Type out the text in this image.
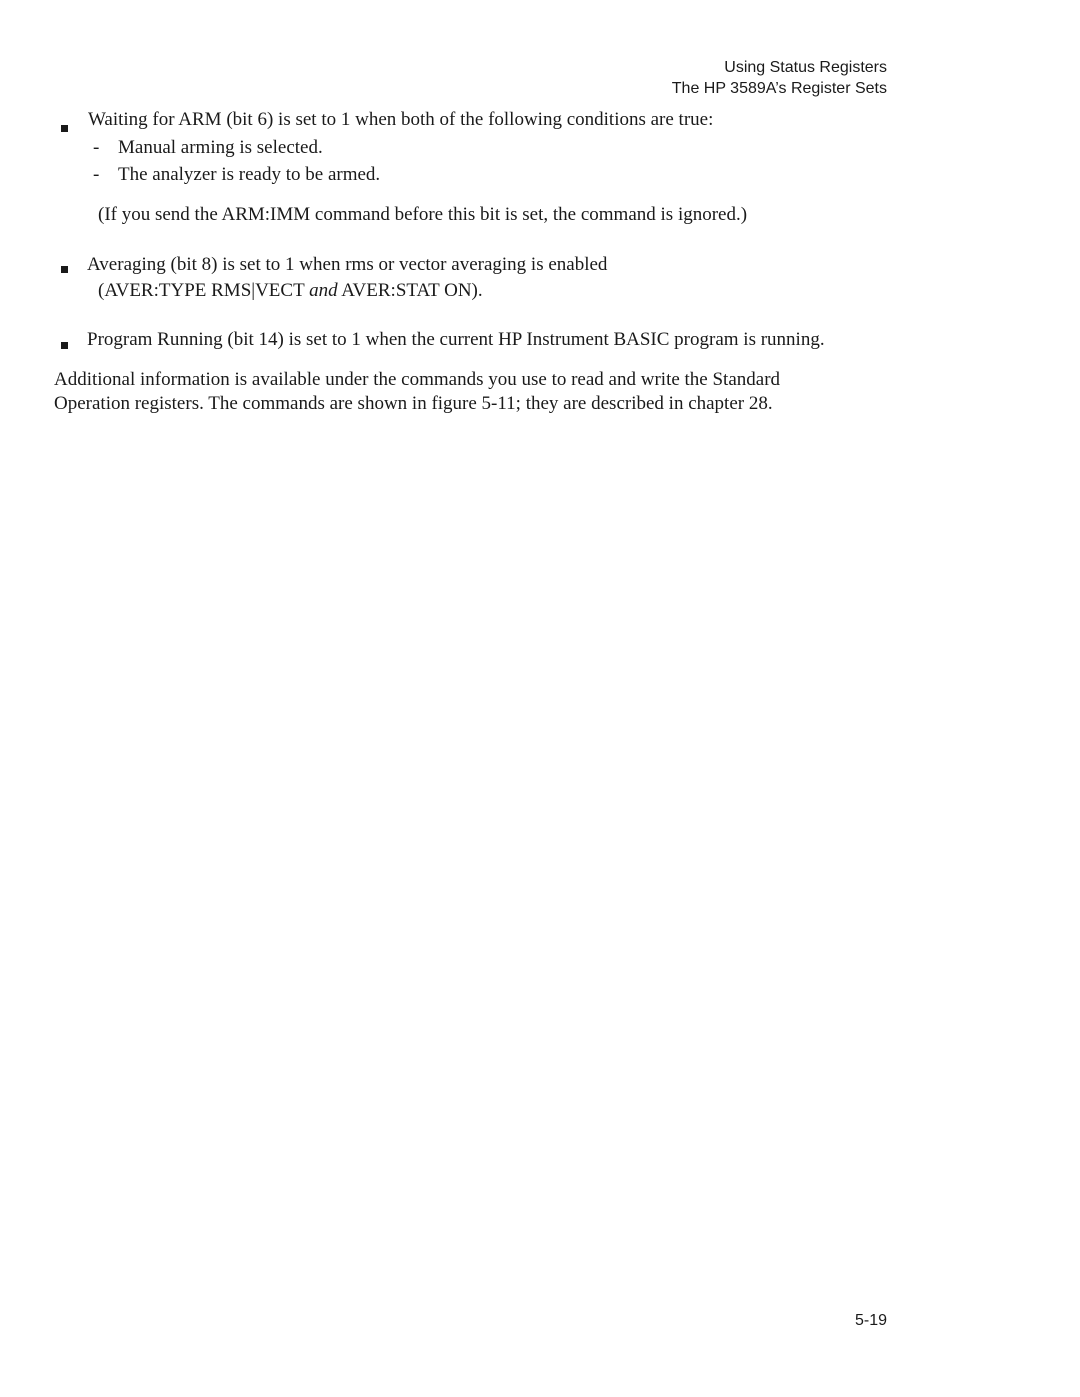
Using Status Registers
The HP 3589A’s Register Sets
Waiting for ARM (bit 6) is set to 1 when both of the following conditions are true:
- Manual arming is selected.
- The analyzer is ready to be armed.
(If you send the ARM:IMM command before this bit is set, the command is ignored.)
Averaging (bit 8) is set to 1 when rms or vector averaging is enabled
(AVER:TYPE RMS|VECT and AVER:STAT ON).
Program Running (bit 14) is set to 1 when the current HP Instrument BASIC program is running.
Additional information is available under the commands you use to read and write the Standard
Operation registers. The commands are shown in figure 5-11; they are described in chapter 28.
5-19
